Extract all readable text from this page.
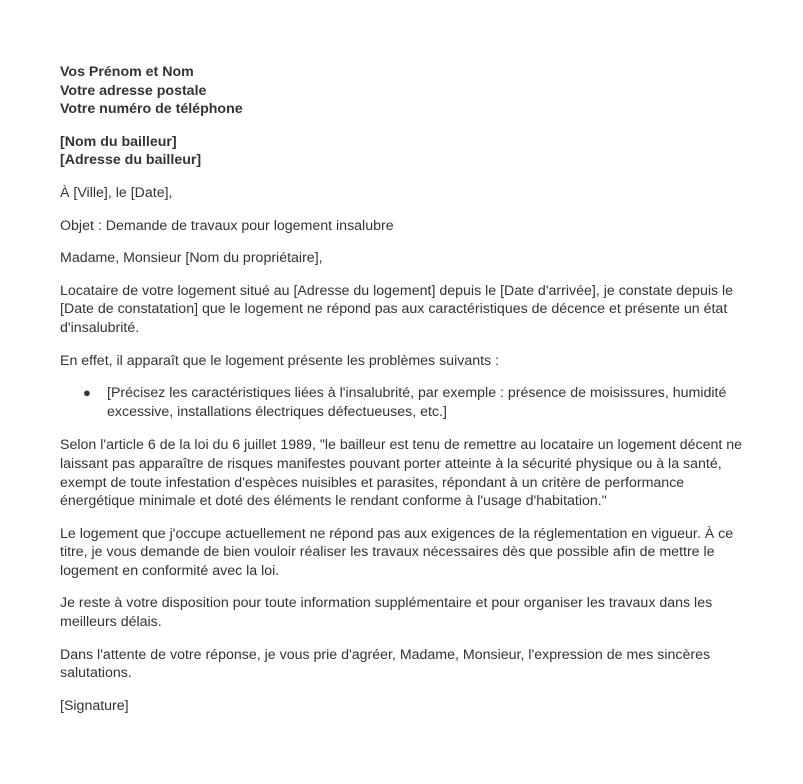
Vos Prénom et Nom
Votre adresse postale
Votre numéro de téléphone
[Nom du bailleur]
[Adresse du bailleur]

À [Ville], le [Date],

Objet : Demande de travaux pour logement insalubre

Madame, Monsieur [Nom du propriétaire],

Locataire de votre logement situé au [Adresse du logement] depuis le [Date d'arrivée], je constate depuis le [Date de constatation] que le logement ne répond pas aux caractéristiques de décence et présente un état d'insalubrité.

En effet, il apparaît que le logement présente les problèmes suivants :

● [Précisez les caractéristiques liées à l'insalubrité, par exemple : présence de moisissures, humidité excessive, installations électriques défectueuses, etc.]

Selon l'article 6 de la loi du 6 juillet 1989, "le bailleur est tenu de remettre au locataire un logement décent ne laissant pas apparaître de risques manifestes pouvant porter atteinte à la sécurité physique ou à la santé, exempt de toute infestation d'espèces nuisibles et parasites, répondant à un critère de performance énergétique minimale et doté des éléments le rendant conforme à l'usage d'habitation."

Le logement que j'occupe actuellement ne répond pas aux exigences de la réglementation en vigueur. À ce titre, je vous demande de bien vouloir réaliser les travaux nécessaires dès que possible afin de mettre le logement en conformité avec la loi.

Je reste à votre disposition pour toute information supplémentaire et pour organiser les travaux dans les meilleurs délais.

Dans l'attente de votre réponse, je vous prie d'agréer, Madame, Monsieur, l'expression de mes sincères salutations.

[Signature]
